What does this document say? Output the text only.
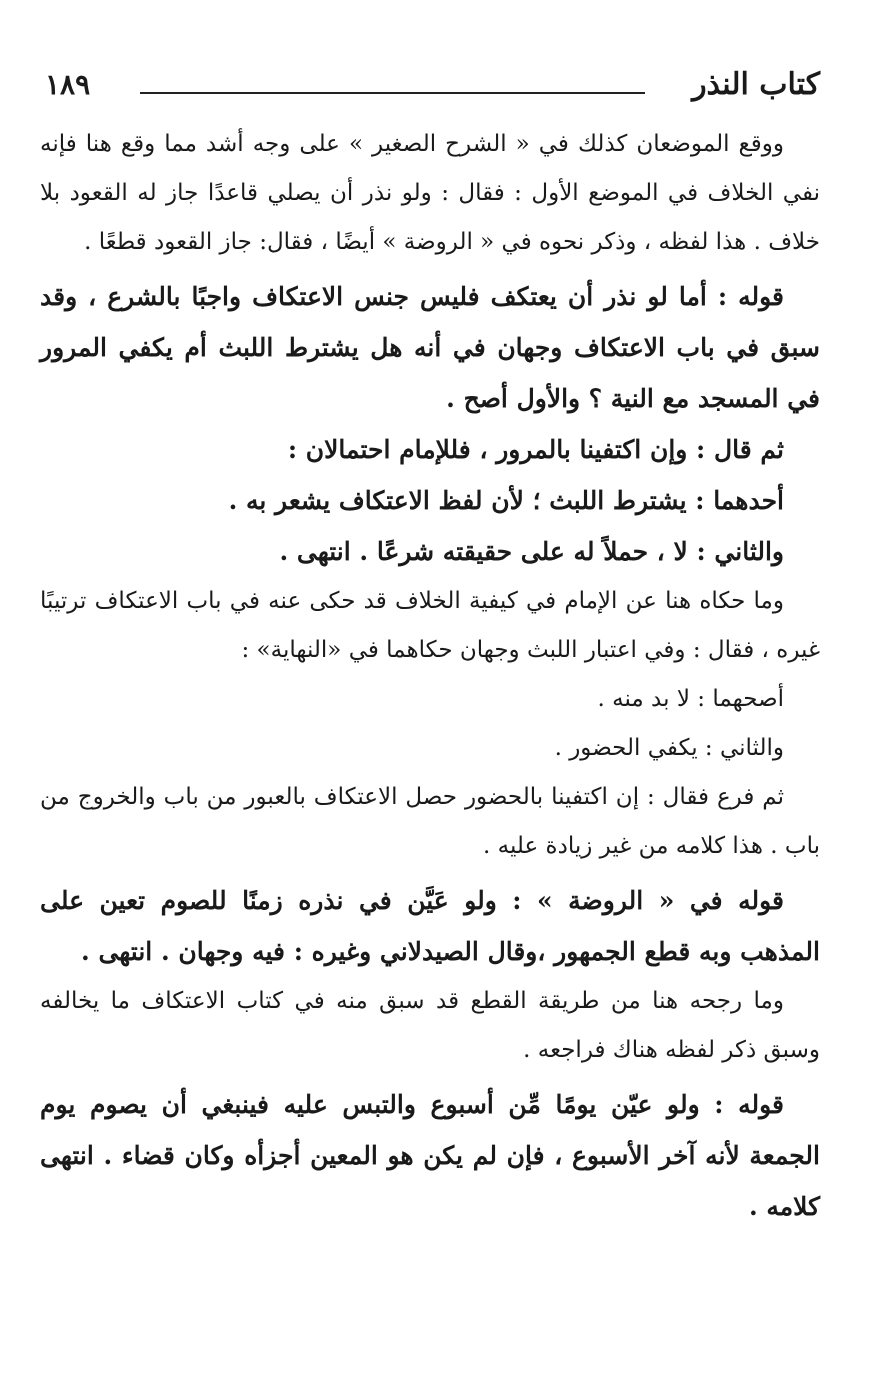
كتاب النذر
١٨٩

ووقع الموضعان كذلك في « الشرح الصغير » على وجه أشد مما وقع هنا فإنه نفي الخلاف في الموضع الأول : فقال : ولو نذر أن يصلي قاعدًا جاز له القعود بلا خلاف . هذا لفظه ، وذكر نحوه في « الروضة » أيضًا ، فقال: جاز القعود قطعًا .

قوله : أما لو نذر أن يعتكف فليس جنس الاعتكاف واجبًا بالشرع ، وقد سبق في باب الاعتكاف وجهان في أنه هل يشترط اللبث أم يكفي المرور في المسجد مع النية ؟ والأول أصح .

ثم قال : وإن اكتفينا بالمرور ، فللإمام احتمالان :

أحدهما : يشترط اللبث ؛ لأن لفظ الاعتكاف يشعر به .

والثاني : لا ، حملاً له على حقيقته شرعًا . انتهى .

وما حكاه هنا عن الإمام في كيفية الخلاف قد حكى عنه في باب الاعتكاف ترتيبًا غيره ، فقال : وفي اعتبار اللبث وجهان حكاهما في «النهاية» :

أصحهما : لا بد منه .

والثاني : يكفي الحضور .

ثم فرع فقال : إن اكتفينا بالحضور حصل الاعتكاف بالعبور من باب والخروج من باب . هذا كلامه من غير زيادة عليه .

قوله في « الروضة » : ولو عَيَّن في نذره زمنًا للصوم تعين على المذهب وبه قطع الجمهور ،وقال الصيدلاني وغيره : فيه وجهان . انتهى .

وما رجحه هنا من طريقة القطع قد سبق منه في كتاب الاعتكاف ما يخالفه وسبق ذكر لفظه هناك فراجعه .

قوله : ولو عيّن يومًا مِّن أسبوع والتبس عليه فينبغي أن يصوم يوم الجمعة لأنه آخر الأسبوع ، فإن لم يكن هو المعين أجزأه وكان قضاء . انتهى كلامه .
